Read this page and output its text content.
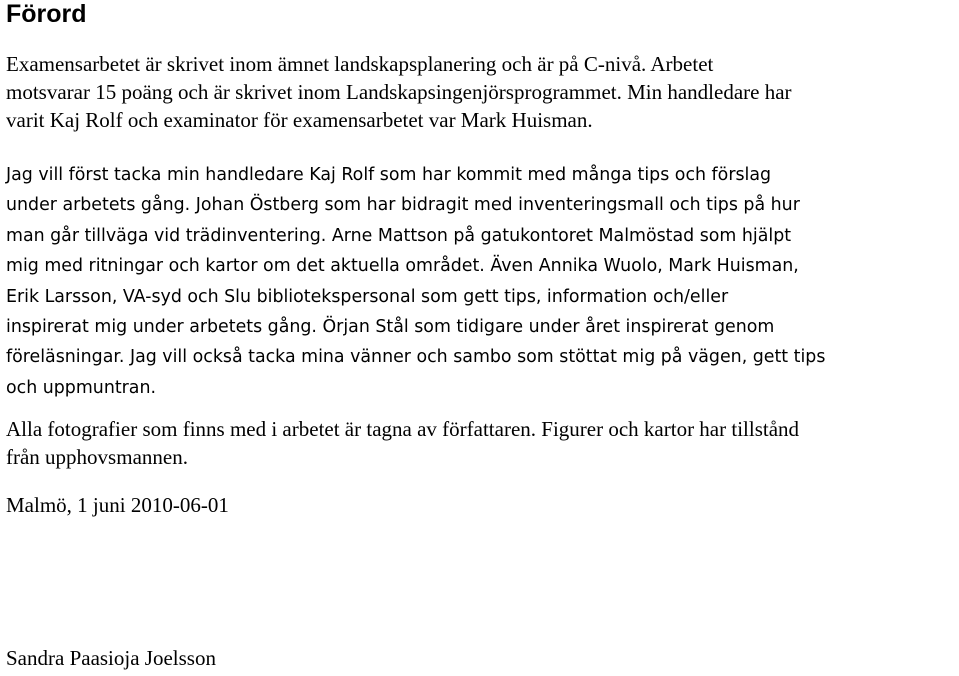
Förord

Examensarbetet är skrivet inom ämnet landskapsplanering och är på C-nivå. Arbetet
motsvarar 15 poäng och är skrivet inom Landskapsingenjörsprogrammet. Min handledare har
varit Kaj Rolf och examinator för examensarbetet var Mark Huisman.

Jag vill först tacka min handledare Kaj Rolf som har kommit med många tips och förslag
under arbetets gång. Johan Östberg som har bidragit med inventeringsmall och tips på hur
man går tillväga vid trädinventering. Arne Mattson på gatukontoret Malmöstad som hjälpt
mig med ritningar och kartor om det aktuella området. Även Annika Wuolo, Mark Huisman,
Erik Larsson, VA-syd och Slu bibliotekspersonal som gett tips, information och/eller
inspirerat mig under arbetets gång. Örjan Stål som tidigare under året inspirerat genom
föreläsningar. Jag vill också tacka mina vänner och sambo som stöttat mig på vägen, gett tips
och uppmuntran.

Alla fotografier som finns med i arbetet är tagna av författaren. Figurer och kartor har tillstånd
från upphovsmannen.

Malmö, 1 juni 2010-06-01

Sandra Paasioja Joelsson
